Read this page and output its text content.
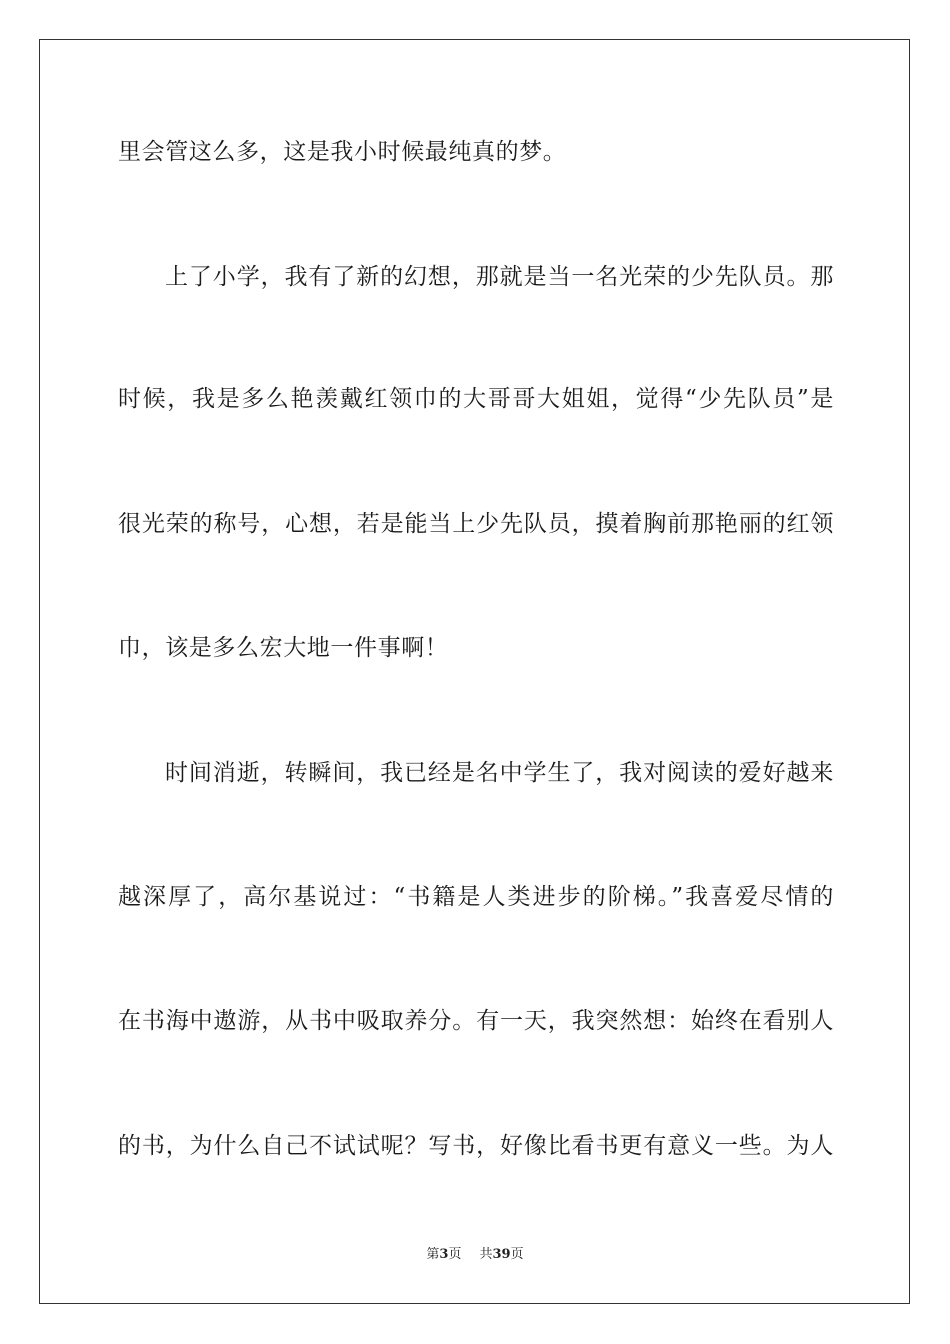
里会管这么多，这是我小时候最纯真的梦。
上了小学，我有了新的幻想，那就是当一名光荣的少先队员。那
时候，我是多么艳羡戴红领巾的大哥哥大姐姐，觉得“少先队员”是
很光荣的称号，心想，若是能当上少先队员，摸着胸前那艳丽的红领
巾，该是多么宏大地一件事啊！
时间消逝，转瞬间，我已经是名中学生了，我对阅读的爱好越来
越深厚了，高尔基说过：“书籍是人类进步的阶梯。”我喜爱尽情的
在书海中遨游，从书中吸取养分。有一天，我突然想：始终在看别人
的书，为什么自己不试试呢？写书，好像比看书更有意义一些。为人
第3页 共39页
